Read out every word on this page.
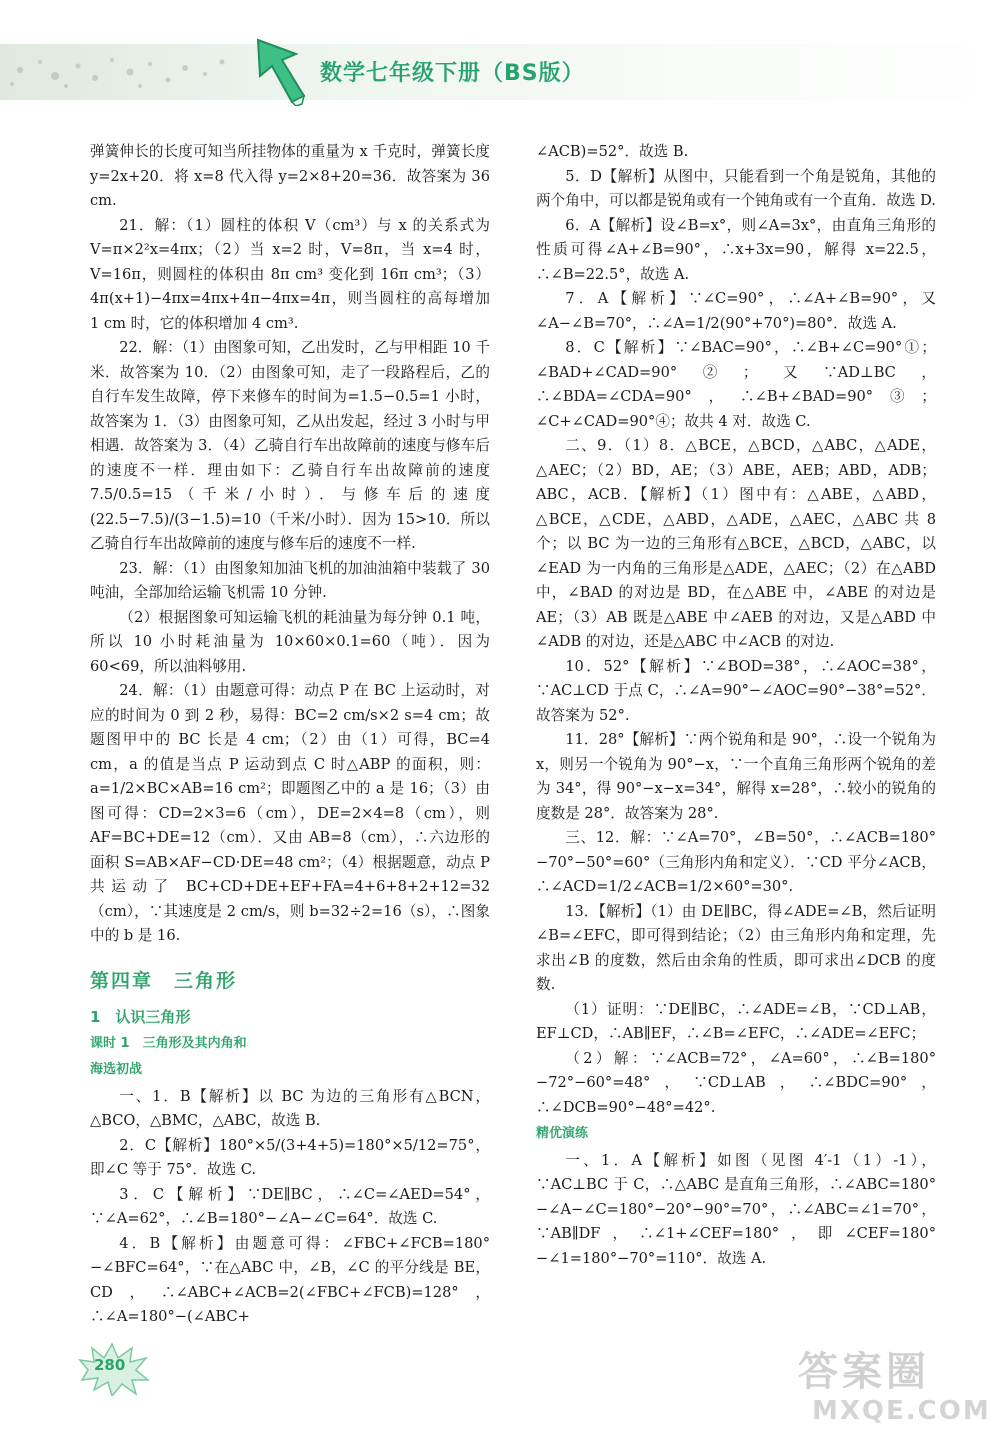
数学七年级下册（BS版）

弹簧伸长的长度可知当所挂物体的重量为 x 千克时，弹簧长度 y=2x+20．将 x=8 代入得 y=2×8+20=36．故答案为 36 cm.

21．解：（1）圆柱的体积 V（cm³）与 x 的关系式为 V=π×2²x=4πx；（2）当 x=2 时，V=8π，当 x=4 时，V=16π，则圆柱的体积由 8π cm³ 变化到 16π cm³；（3）4π(x+1)−4πx=4πx+4π−4πx=4π，则当圆柱的高每增加 1 cm 时，它的体积增加 4 cm³.

22．解：（1）由图象可知，乙出发时，乙与甲相距 10 千米．故答案为 10．（2）由图象可知，走了一段路程后，乙的自行车发生故障，停下来修车的时间为=1.5−0.5=1 小时，故答案为 1．（3）由图象可知，乙从出发起，经过 3 小时与甲相遇．故答案为 3．（4）乙骑自行车出故障前的速度与修车后的速度不一样．理由如下：乙骑自行车出故障前的速度 7.5/0.5=15（千米/小时）．与修车后的速度 (22.5−7.5)/(3−1.5)=10（千米/小时）．因为 15>10．所以乙骑自行车出故障前的速度与修车后的速度不一样.

23．解：（1）由图象知加油飞机的加油油箱中装载了 30 吨油，全部加给运输飞机需 10 分钟.

（2）根据图象可知运输飞机的耗油量为每分钟 0.1 吨，所以 10 小时耗油量为 10×60×0.1=60（吨）．因为 60<69，所以油料够用.

24．解：（1）由题意可得：动点 P 在 BC 上运动时，对应的时间为 0 到 2 秒，易得：BC=2 cm/s×2 s=4 cm；故题图甲中的 BC 长是 4 cm；（2）由（1）可得，BC=4 cm，a 的值是当点 P 运动到点 C 时△ABP 的面积，则：a=1/2×BC×AB=16 cm²；即题图乙中的 a 是 16；（3）由图可得：CD=2×3=6（cm），DE=2×4=8（cm），则 AF=BC+DE=12（cm）．又由 AB=8（cm），∴六边形的面积 S=AB×AF−CD·DE=48 cm²；（4）根据题意，动点 P 共运动了 BC+CD+DE+EF+FA=4+6+8+2+12=32（cm），∵其速度是 2 cm/s，则 b=32÷2=16（s），∴图象中的 b 是 16.

第四章　三角形

1　认识三角形

课时 1　三角形及其内角和

海选初战

一、1．B【解析】以 BC 为边的三角形有△BCN，△BCO，△BMC，△ABC，故选 B.

2．C【解析】180°×5/(3+4+5)=180°×5/12=75°，即∠C 等于 75°．故选 C.

3．C【解析】∵DE∥BC，∴∠C=∠AED=54°，∵∠A=62°，∴∠B=180°−∠A−∠C=64°．故选 C.

4．B【解析】由题意可得：∠FBC+∠FCB=180°−∠BFC=64°，∵在△ABC 中，∠B，∠C 的平分线是 BE，CD，∴∠ABC+∠ACB=2(∠FBC+∠FCB)=128°，∴∠A=180°−(∠ABC+

∠ACB)=52°．故选 B.

5．D【解析】从图中，只能看到一个角是锐角，其他的两个角中，可以都是锐角或有一个钝角或有一个直角．故选 D.

6．A【解析】设∠B=x°，则∠A=3x°，由直角三角形的性质可得∠A+∠B=90°，∴x+3x=90，解得 x=22.5，∴∠B=22.5°，故选 A.

7．A【解析】∵∠C=90°，∴∠A+∠B=90°，又∠A−∠B=70°，∴∠A=1/2(90°+70°)=80°．故选 A.

8．C【解析】∵∠BAC=90°，∴∠B+∠C=90°①；∠BAD+∠CAD=90°②；又∵AD⊥BC，∴∠BDA=∠CDA=90°，∴∠B+∠BAD=90°③；∠C+∠CAD=90°④；故共 4 对．故选 C.

二、9．（1）8．△BCE，△BCD，△ABC，△ADE，△AEC；（2）BD，AE；（3）ABE，AEB；ABD，ADB；ABC，ACB．【解析】（1）图中有：△ABE，△ABD，△BCE，△CDE，△ABD，△ADE，△AEC，△ABC 共 8 个；以 BC 为一边的三角形有△BCE，△BCD，△ABC，以∠EAD 为一内角的三角形是△ADE，△AEC；（2）在△ABD 中，∠BAD 的对边是 BD，在△ABE 中，∠ABE 的对边是 AE；（3）AB 既是△ABE 中∠AEB 的对边，又是△ABD 中∠ADB 的对边，还是△ABC 中∠ACB 的对边.

10．52°【解析】∵∠BOD=38°，∴∠AOC=38°，∵AC⊥CD 于点 C，∴∠A=90°−∠AOC=90°−38°=52°．故答案为 52°.

11．28°【解析】∵两个锐角和是 90°，∴设一个锐角为 x，则另一个锐角为 90°−x，∵一个直角三角形两个锐角的差为 34°，得 90°−x−x=34°，解得 x=28°，∴较小的锐角的度数是 28°．故答案为 28°.

三、12．解：∵∠A=70°，∠B=50°，∴∠ACB=180°−70°−50°=60°（三角形内角和定义）．∵CD 平分∠ACB，∴∠ACD=1/2∠ACB=1/2×60°=30°.

13．【解析】（1）由 DE∥BC，得∠ADE=∠B，然后证明∠B=∠EFC，即可得到结论；（2）由三角形内角和定理，先求出∠B 的度数，然后由余角的性质，即可求出∠DCB 的度数.

（1）证明：∵DE∥BC，∴∠ADE=∠B，∵CD⊥AB，EF⊥CD，∴AB∥EF，∴∠B=∠EFC，∴∠ADE=∠EFC；

（2）解：∵∠ACB=72°，∠A=60°，∴∠B=180°−72°−60°=48°，∵CD⊥AB，∴∠BDC=90°，∴∠DCB=90°−48°=42°.

精优演练

一、1．A【解析】如图（见图 4′-1（1）-1），∵AC⊥BC 于 C，∴△ABC 是直角三角形，∴∠ABC=180°−∠A−∠C=180°−20°−90°=70°，∴∠ABC=∠1=70°，∵AB∥DF，∴∠1+∠CEF=180°，即∠CEF=180°−∠1=180°−70°=110°．故选 A.

280	答案圈
MXQE.COM
